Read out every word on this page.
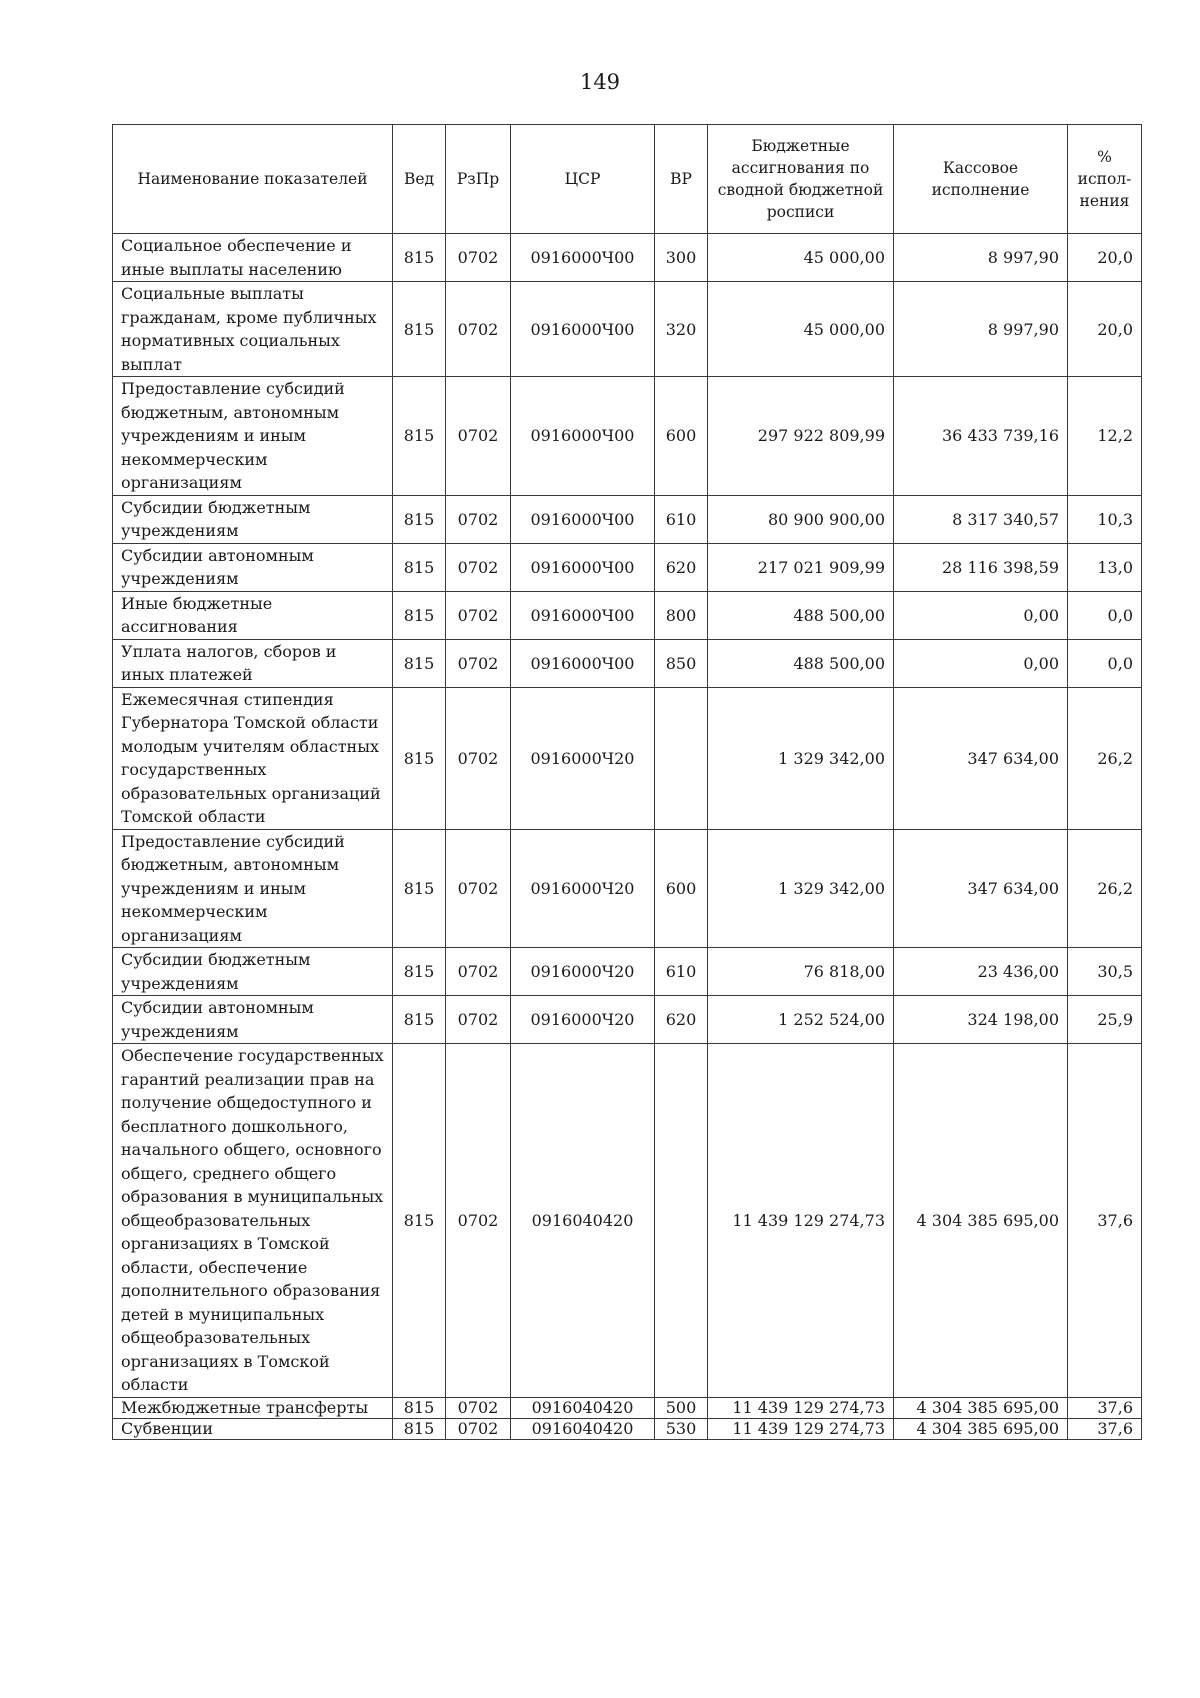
149
Наименование показателей	Вед	РзПр	ЦСР	ВР	Бюджетные ассигнования по сводной бюджетной росписи	Кассовое исполнение	% испол-нения
Социальное обеспечение и иные выплаты населению	815	0702	0916000Ч00	300	45 000,00	8 997,90	20,0
Социальные выплаты гражданам, кроме публичных нормативных социальных выплат	815	0702	0916000Ч00	320	45 000,00	8 997,90	20,0
Предоставление субсидий бюджетным, автономным учреждениям и иным некоммерческим организациям	815	0702	0916000Ч00	600	297 922 809,99	36 433 739,16	12,2
Субсидии бюджетным учреждениям	815	0702	0916000Ч00	610	80 900 900,00	8 317 340,57	10,3
Субсидии автономным учреждениям	815	0702	0916000Ч00	620	217 021 909,99	28 116 398,59	13,0
Иные бюджетные ассигнования	815	0702	0916000Ч00	800	488 500,00	0,00	0,0
Уплата налогов, сборов и иных платежей	815	0702	0916000Ч00	850	488 500,00	0,00	0,0
Ежемесячная стипендия Губернатора Томской области молодым учителям областных государственных образовательных организаций Томской области	815	0702	0916000Ч20		1 329 342,00	347 634,00	26,2
Предоставление субсидий бюджетным, автономным учреждениям и иным некоммерческим организациям	815	0702	0916000Ч20	600	1 329 342,00	347 634,00	26,2
Субсидии бюджетным учреждениям	815	0702	0916000Ч20	610	76 818,00	23 436,00	30,5
Субсидии автономным учреждениям	815	0702	0916000Ч20	620	1 252 524,00	324 198,00	25,9
Обеспечение государственных гарантий реализации прав на получение общедоступного и бесплатного дошкольного, начального общего, основного общего, среднего общего образования в муниципальных общеобразовательных организациях в Томской области, обеспечение дополнительного образования детей в муниципальных общеобразовательных организациях в Томской области	815	0702	0916040420		11 439 129 274,73	4 304 385 695,00	37,6
Межбюджетные трансферты	815	0702	0916040420	500	11 439 129 274,73	4 304 385 695,00	37,6
Субвенции	815	0702	0916040420	530	11 439 129 274,73	4 304 385 695,00	37,6
